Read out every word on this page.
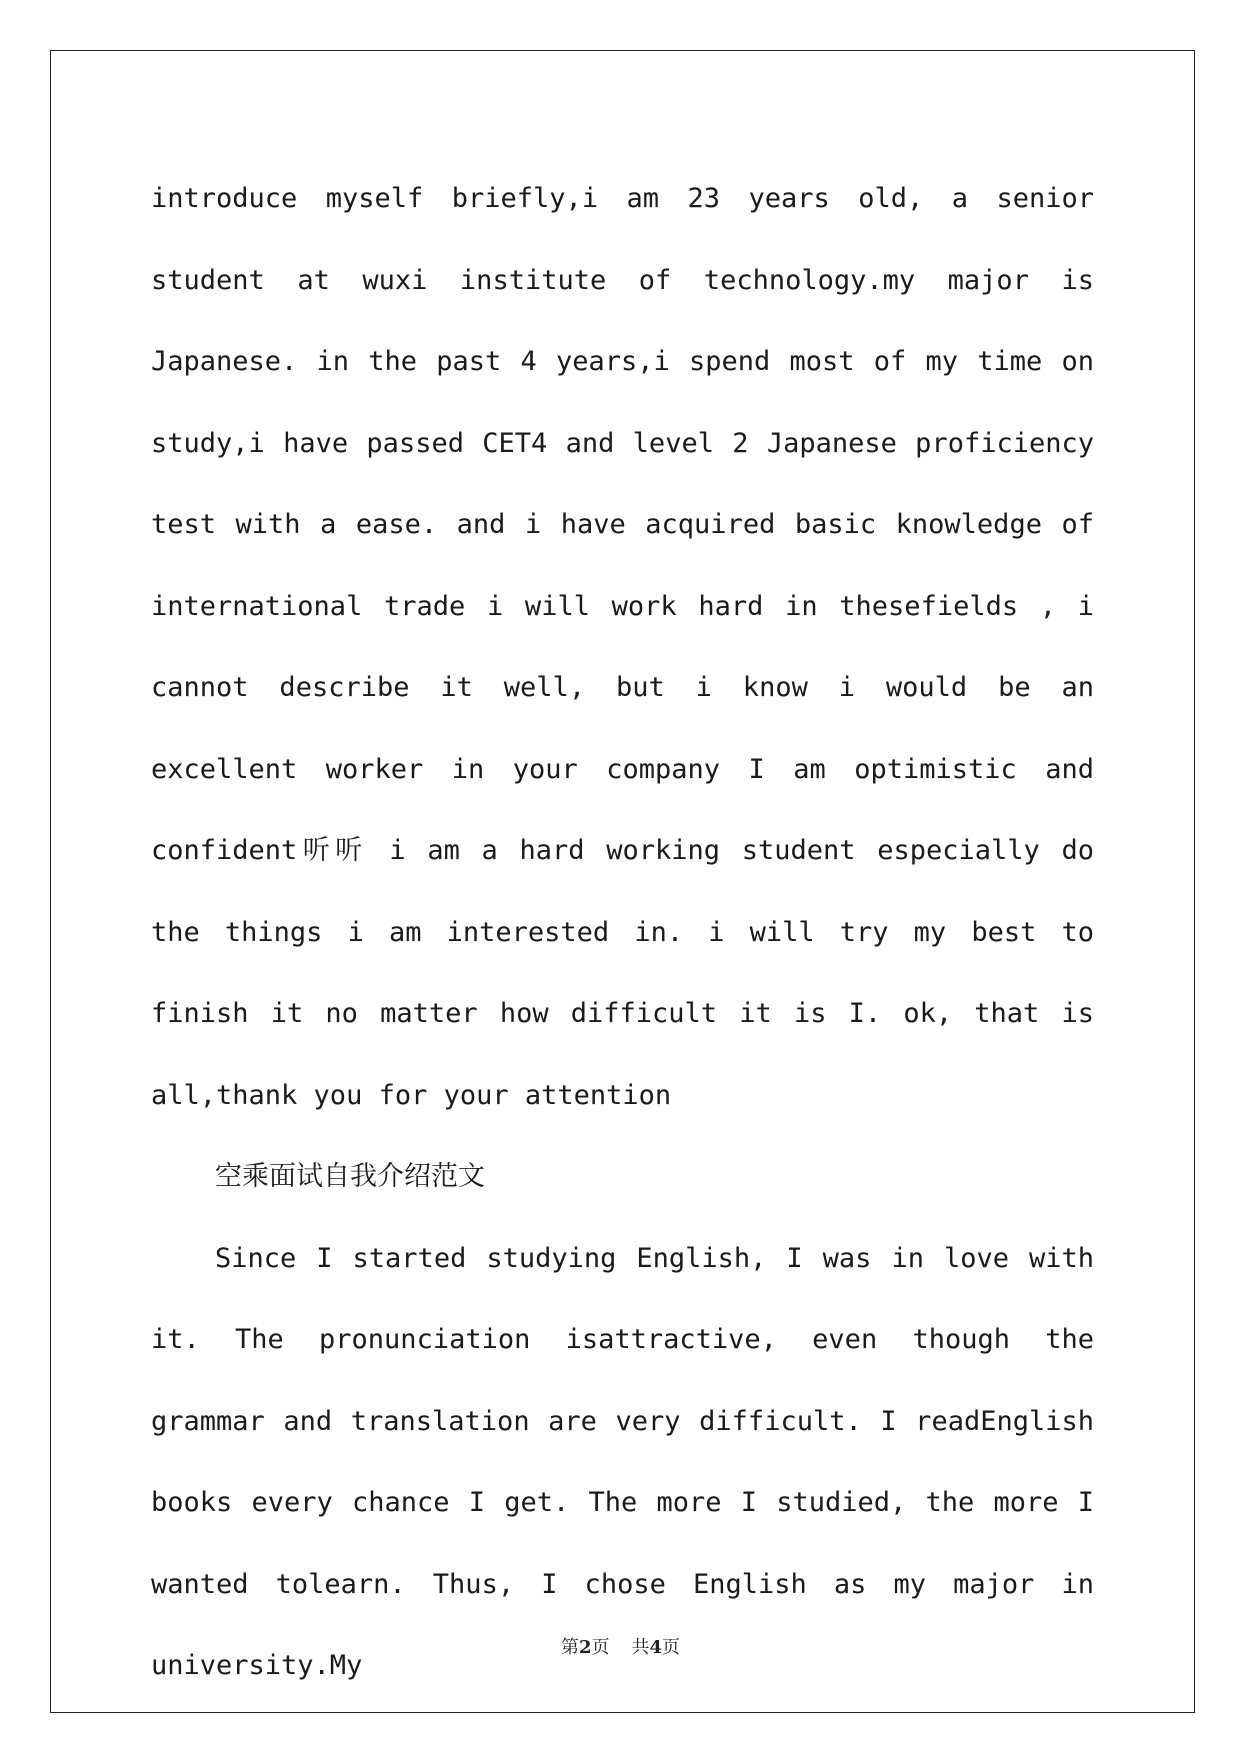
introduce myself briefly,i am 23 years old, a senior student at wuxi institute of technology.my major is Japanese. in the past 4 years,i spend most of my time on study,i have passed CET4 and level 2 Japanese proficiency test with a ease. and i have acquired basic knowledge of international trade i will work hard in thesefields , i cannot describe it well, but i know i would be an excellent worker in your company I am optimistic and confident听听 i am a hard working student especially do the things i am interested in. i will try my best to finish it no matter how difficult it is I. ok, that is all,thank you for your attention

空乘面试自我介绍范文

Since I started studying English, I was in love with it. The pronunciation isattractive, even though the grammar and translation are very difficult. I readEnglish books every chance I get. The more I studied, the more I wanted tolearn. Thus, I chose English as my major in university.My

第2页 共4页
